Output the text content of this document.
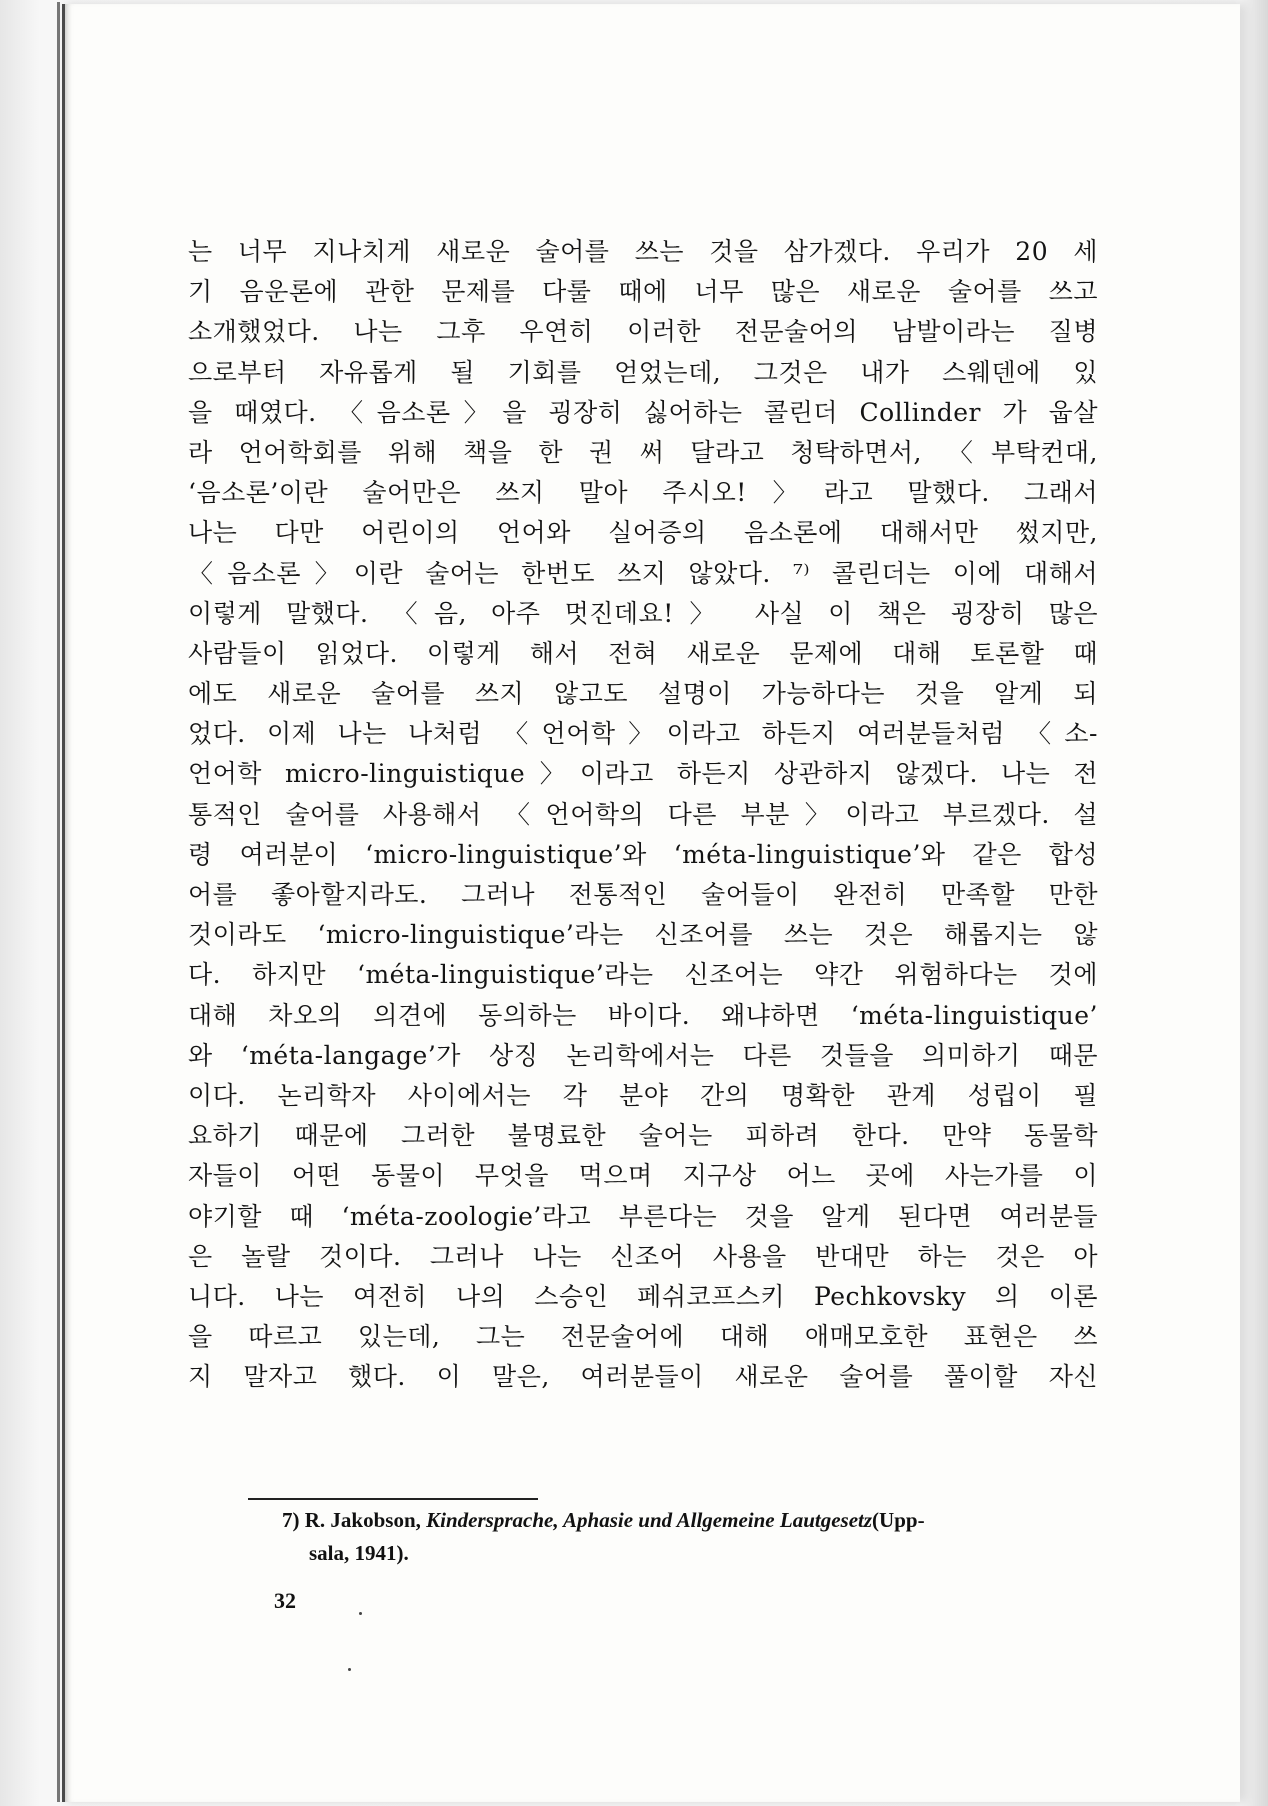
는 너무 지나치게 새로운 술어를 쓰는 것을 삼가겠다. 우리가 20 세
기 음운론에 관한 문제를 다룰 때에 너무 많은 새로운 술어를 쓰고
소개했었다. 나는 그후 우연히 이러한 전문술어의 남발이라는 질병
으로부터 자유롭게 될 기회를 얻었는데, 그것은 내가 스웨덴에 있
을 때였다. 〈음소론〉을 굉장히 싫어하는 콜린더 Collinder 가 웁살
라 언어학회를 위해 책을 한 권 써 달라고 청탁하면서, 〈부탁컨대,
‘음소론’이란 술어만은 쓰지 말아 주시오!〉라고 말했다. 그래서
나는 다만 어린이의 언어와 실어증의 음소론에 대해서만 썼지만,
〈음소론〉이란 술어는 한번도 쓰지 않았다. ⁷⁾ 콜린더는 이에 대해서
이렇게 말했다. 〈음, 아주 멋진데요!〉 사실 이 책은 굉장히 많은
사람들이 읽었다. 이렇게 해서 전혀 새로운 문제에 대해 토론할 때
에도 새로운 술어를 쓰지 않고도 설명이 가능하다는 것을 알게 되
었다. 이제 나는 나처럼 〈언어학〉이라고 하든지 여러분들처럼 〈소-
언어학 micro-linguistique〉이라고 하든지 상관하지 않겠다. 나는 전
통적인 술어를 사용해서 〈언어학의 다른 부분〉이라고 부르겠다. 설
령 여러분이 ‘micro-linguistique’와 ‘méta-linguistique’와 같은 합성
어를 좋아할지라도. 그러나 전통적인 술어들이 완전히 만족할 만한
것이라도 ‘micro-linguistique’라는 신조어를 쓰는 것은 해롭지는 않
다. 하지만 ‘méta-linguistique’라는 신조어는 약간 위험하다는 것에
대해 차오의 의견에 동의하는 바이다. 왜냐하면 ‘méta-linguistique’
와 ‘méta-langage’가 상징 논리학에서는 다른 것들을 의미하기 때문
이다. 논리학자 사이에서는 각 분야 간의 명확한 관계 성립이 필
요하기 때문에 그러한 불명료한 술어는 피하려 한다. 만약 동물학
자들이 어떤 동물이 무엇을 먹으며 지구상 어느 곳에 사는가를 이
야기할 때 ‘méta-zoologie’라고 부른다는 것을 알게 된다면 여러분들
은 놀랄 것이다. 그러나 나는 신조어 사용을 반대만 하는 것은 아
니다. 나는 여전히 나의 스승인 페쉬코프스키 Pechkovsky 의 이론
을 따르고 있는데, 그는 전문술어에 대해 애매모호한 표현은 쓰
지 말자고 했다. 이 말은, 여러분들이 새로운 술어를 풀이할 자신
7) R. Jakobson, Kindersprache, Aphasie und Allgemeine Lautgesetz(Upp-
sala, 1941).
32
